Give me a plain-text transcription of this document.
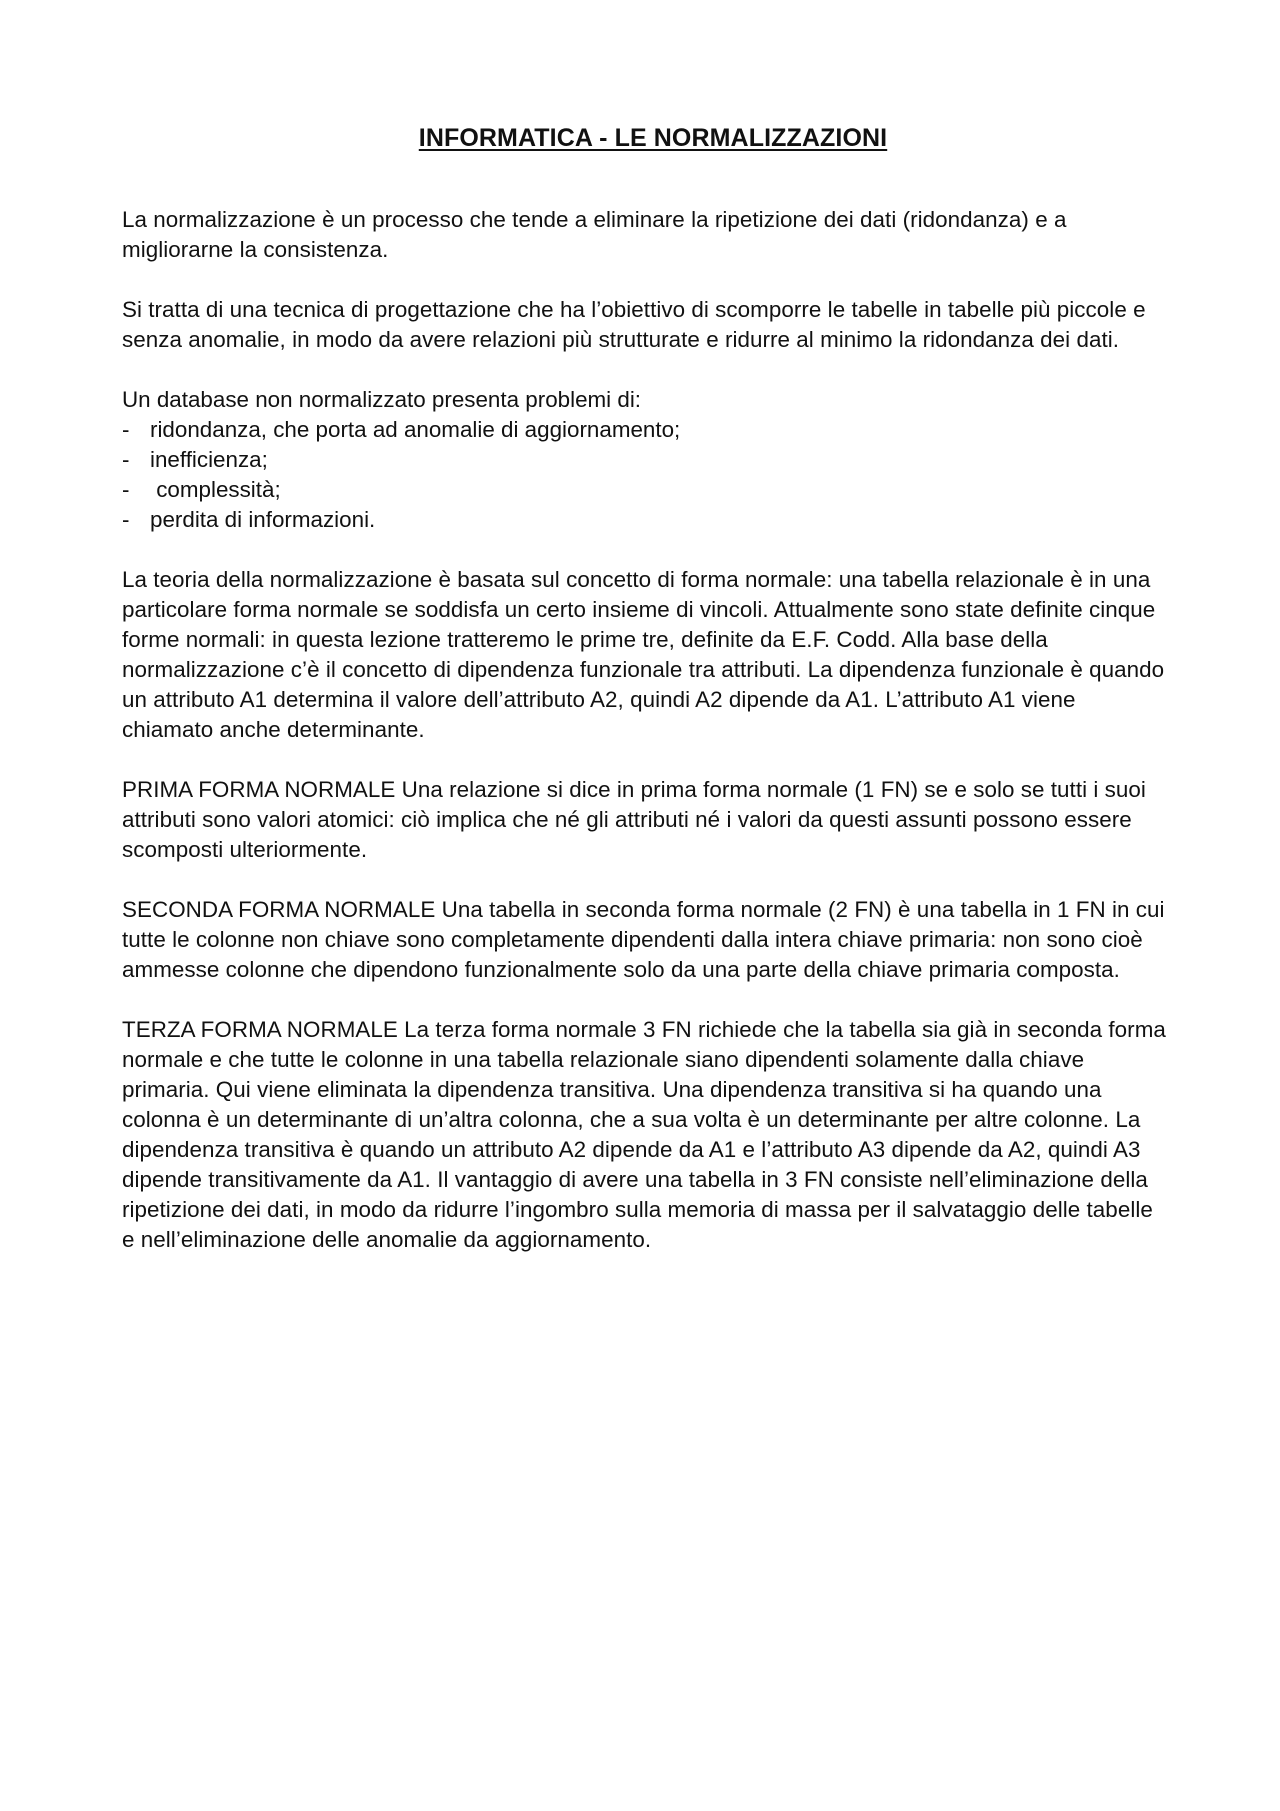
INFORMATICA - LE NORMALIZZAZIONI

La normalizzazione è un processo che tende a eliminare la ripetizione dei dati (ridondanza) e a migliorarne la consistenza.

Si tratta di una tecnica di progettazione che ha l’obiettivo di scomporre le tabelle in tabelle più piccole e senza anomalie, in modo da avere relazioni più strutturate e ridurre al minimo la ridondanza dei dati.

Un database non normalizzato presenta problemi di:

- ridondanza, che porta ad anomalie di aggiornamento;
- inefficienza;
- complessità;
- perdita di informazioni.

La teoria della normalizzazione è basata sul concetto di forma normale: una tabella relazionale è in una particolare forma normale se soddisfa un certo insieme di vincoli. Attualmente sono state definite cinque forme normali: in questa lezione tratteremo le prime tre, definite da E.F. Codd. Alla base della normalizzazione c’è il concetto di dipendenza funzionale tra attributi. La dipendenza funzionale è quando un attributo A1 determina il valore dell’attributo A2, quindi A2 dipende da A1. L’attributo A1 viene chiamato anche determinante.

PRIMA FORMA NORMALE Una relazione si dice in prima forma normale (1 FN) se e solo se tutti i suoi attributi sono valori atomici: ciò implica che né gli attributi né i valori da questi assunti possono essere scomposti ulteriormente.

SECONDA FORMA NORMALE Una tabella in seconda forma normale (2 FN) è una tabella in 1 FN in cui tutte le colonne non chiave sono completamente dipendenti dalla intera chiave primaria: non sono cioè ammesse colonne che dipendono funzionalmente solo da una parte della chiave primaria composta.

TERZA FORMA NORMALE La terza forma normale 3 FN richiede che la tabella sia già in seconda forma normale e che tutte le colonne in una tabella relazionale siano dipendenti solamente dalla chiave primaria. Qui viene eliminata la dipendenza transitiva. Una dipendenza transitiva si ha quando una colonna è un determinante di un’altra colonna, che a sua volta è un determinante per altre colonne. La dipendenza transitiva è quando un attributo A2 dipende da A1 e l’attributo A3 dipende da A2, quindi A3 dipende transitivamente da A1. Il vantaggio di avere una tabella in 3 FN consiste nell’eliminazione della ripetizione dei dati, in modo da ridurre l’ingombro sulla memoria di massa per il salvataggio delle tabelle e nell’eliminazione delle anomalie da aggiornamento.
